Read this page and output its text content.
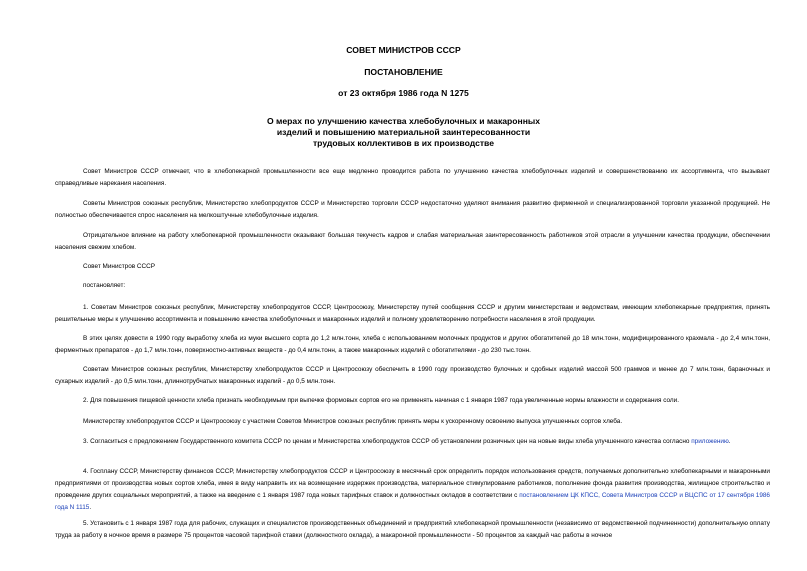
СОВЕТ МИНИСТРОВ СССР

ПОСТАНОВЛЕНИЕ

от 23 октября 1986 года N 1275

О мерах по улучшению качества хлебобулочных и макаронных
изделий и повышению материальной заинтересованности
трудовых коллективов в их производстве

Совет Министров СССР отмечает, что в хлебопекарной промышленности все еще медленно проводится работа по улучшению качества хлебобулочных изделий и совершенствованию их ассортимента, что вызывает справедливые нарекания населения.

Советы Министров союзных республик, Министерство хлебопродуктов СССР и Министерство торговли СССР недостаточно уделяют внимания развитию фирменной и специализированной торговли указанной продукцией. Не полностью обеспечивается спрос населения на мелкоштучные хлебобулочные изделия.

Отрицательное влияние на работу хлебопекарной промышленности оказывают большая текучесть кадров и слабая материальная заинтересованность работников этой отрасли в улучшении качества продукции, обеспечении населения свежим хлебом.

Совет Министров СССР

постановляет:

1. Советам Министров союзных республик, Министерству хлебопродуктов СССР, Центросоюзу, Министерству путей сообщения СССР и другим министерствам и ведомствам, имеющим хлебопекарные предприятия, принять решительные меры к улучшению ассортимента и повышению качества хлебобулочных и макаронных изделий и полному удовлетворению потребности населения в этой продукции.

В этих целях довести в 1990 году выработку хлеба из муки высшего сорта до 1,2 млн.тонн, хлеба с использованием молочных продуктов и других обогатителей до 18 млн.тонн, модифицированного крахмала - до 2,4 млн.тонн, ферментных препаратов - до 1,7 млн.тонн, поверхностно-активных веществ - до 0,4 млн.тонн, а также макаронных изделий с обогатителями - до 230 тыс.тонн.

Советам Министров союзных республик, Министерству хлебопродуктов СССР и Центросоюзу обеспечить в 1990 году производство булочных и сдобных изделий массой 500 граммов и менее до 7 млн.тонн, бараночных и сухарных изделий - до 0,5 млн.тонн, длиннотрубчатых макаронных изделий - до 0,5 млн.тонн.

2. Для повышения пищевой ценности хлеба признать необходимым при выпечке формовых сортов его не применять начиная с 1 января 1987 года увеличенные нормы влажности и содержания соли.

Министерству хлебопродуктов СССР и Центросоюзу с участием Советов Министров союзных республик принять меры к ускоренному освоению выпуска улучшенных сортов хлеба.

3. Согласиться с предложением Государственного комитета СССР по ценам и Министерства хлебопродуктов СССР об установлении розничных цен на новые виды хлеба улучшенного качества согласно приложению.

4. Госплану СССР, Министерству финансов СССР, Министерству хлебопродуктов СССР и Центросоюзу в месячный срок определить порядок использования средств, получаемых дополнительно хлебопекарными и макаронными предприятиями от производства новых сортов хлеба, имея в виду направить их на возмещение издержек производства, материальное стимулирование работников, пополнение фонда развития производства, жилищное строительство и проведение других социальных мероприятий, а также на введение с 1 января 1987 года новых тарифных ставок и должностных окладов в соответствии с постановлением ЦК КПСС, Совета Министров СССР и ВЦСПС от 17 сентября 1986 года N 1115.

5. Установить с 1 января 1987 года для рабочих, служащих и специалистов производственных объединений и предприятий хлебопекарной промышленности (независимо от ведомственной подчиненности) дополнительную оплату труда за работу в ночное время в размере 75 процентов часовой тарифной ставки (должностного оклада), а макаронной промышленности - 50 процентов за каждый час работы в ночное
